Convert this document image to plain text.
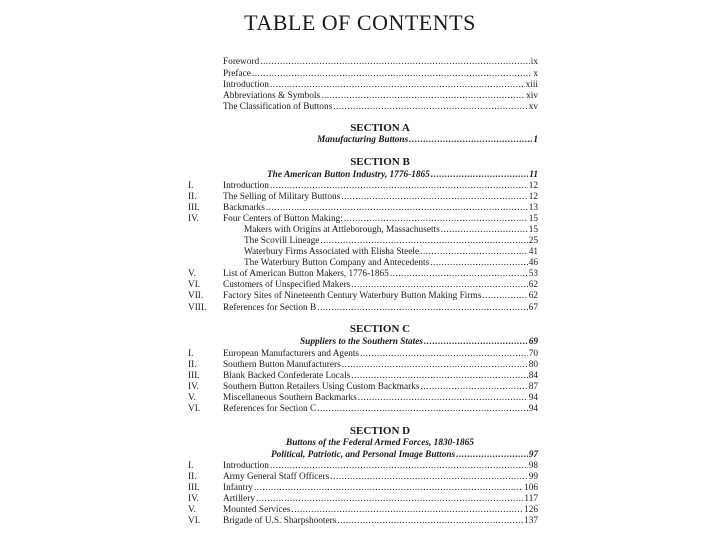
TABLE OF CONTENTS
Foreword .....	ix
Preface .....	x
Introduction .....	xiii
Abbreviations & Symbols .....	xiv
The Classification of Buttons .....	xv
SECTION A
Manufacturing Buttons .....	1
SECTION B
The American Button Industry, 1776-1865 .....	11
I.	Introduction .....	12
II.	The Selling of Military Buttons .....	12
III.	Backmarks .....	13
IV.	Four Centers of Button Making: .....	15
Makers with Origins at Attleborough, Massachusetts .....	15
The Scovill Lineage .....	25
Waterbury Firms Associated with Elisha Steele .....	41
The Waterbury Button Company and Antecedents .....	46
V.	List of American Button Makers, 1776-1865 .....	53
VI. Customers of Unspecified Makers .....	62
VII. Factory Sites of Nineteenth Century Waterbury Button Making Firms .....	62
VIII. References for Section B .....	67
SECTION C
Suppliers to the Southern States .....	69
I.	European Manufacturers and Agents .....	70
II.	Southern Button Manufacturers .....	80
III.	Blank Backed Confederate Locals .....	84
IV.	Southern Button Retailers Using Custom Backmarks .....	87
V.	Miscellaneous Southern Backmarks .....	94
VI. References for Section C .....	94
SECTION D
Buttons of the Federal Armed Forces, 1830-1865
Political, Patriotic, and Personal Image Buttons .....	97
I.	Introduction .....	98
II.	Army General Staff Officers .....	99
III.	Infantry .....	106
IV.	Artillery .....	117
V.	Mounted Services .....	126
VI. Brigade of U.S. Sharpshooters .....	137
